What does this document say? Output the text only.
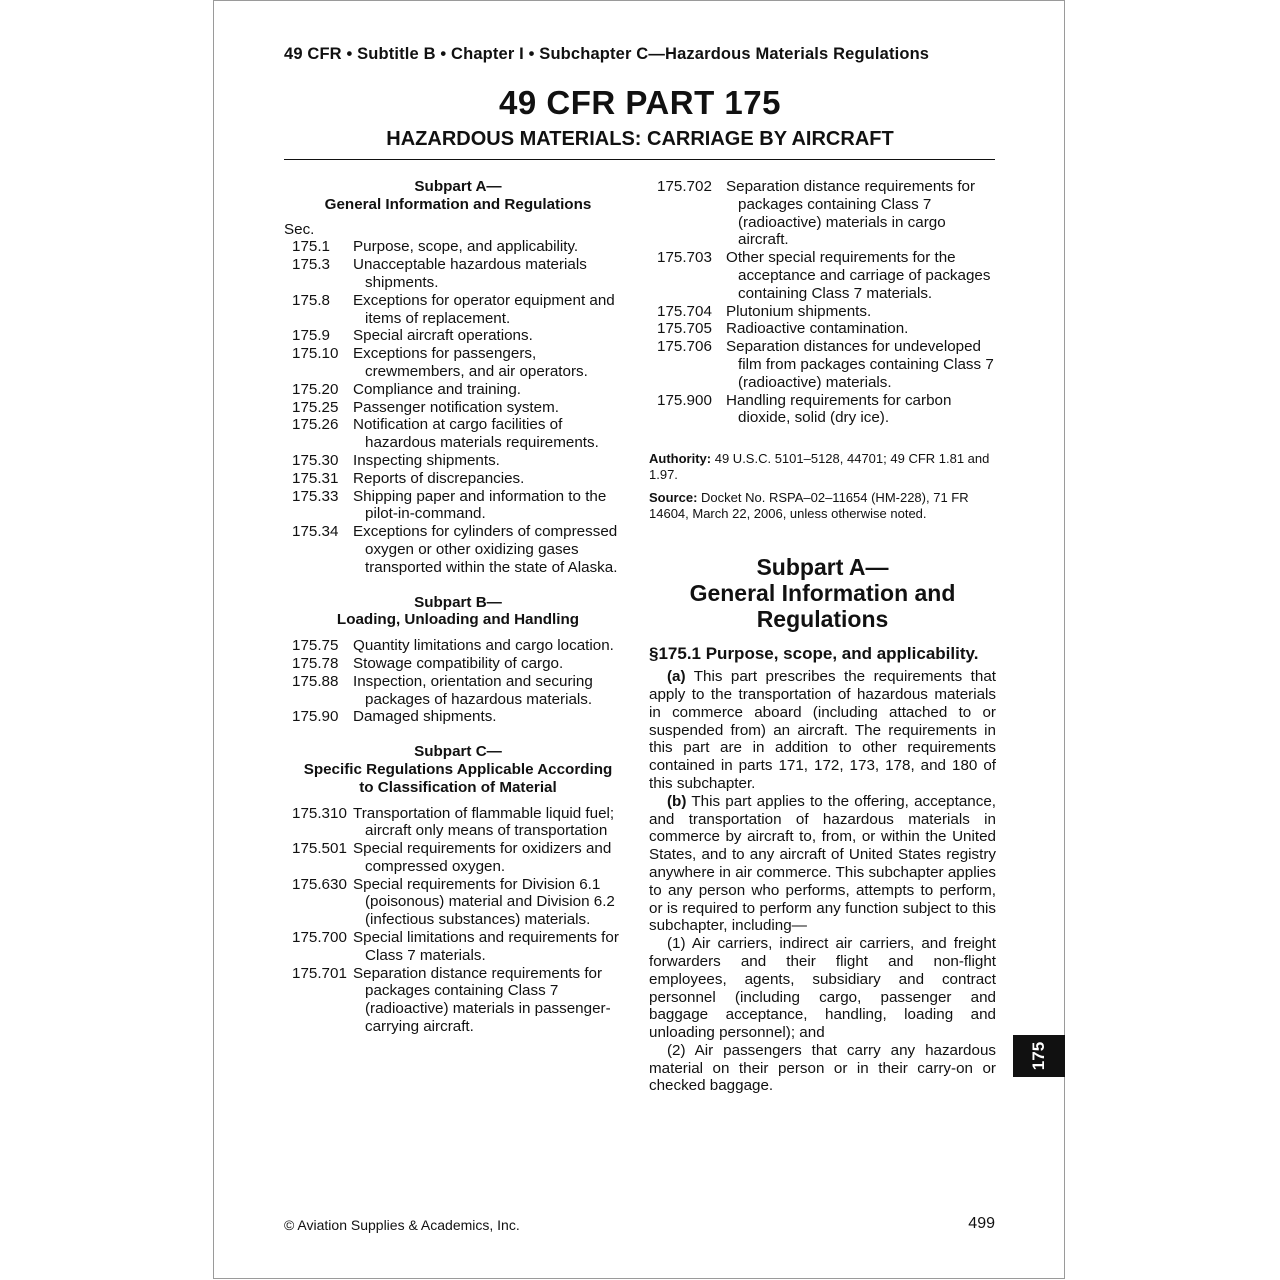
49 CFR • Subtitle B • Chapter I • Subchapter C—Hazardous Materials Regulations
49 CFR PART 175
HAZARDOUS MATERIALS: CARRIAGE BY AIRCRAFT

Subpart A—
General Information and Regulations

Sec.

175.1	Purpose, scope, and applicability.
175.3	Unacceptable hazardous materials shipments.
175.8	Exceptions for operator equipment and items of replacement.
175.9	Special aircraft operations.
175.10 Exceptions for passengers, crewmembers, and air operators.
175.20 Compliance and training.
175.25 Passenger notification system.
175.26 Notification at cargo facilities of hazardous materials requirements.
175.30 Inspecting shipments.
175.31 Reports of discrepancies.
175.33 Shipping paper and information to the pilot-in-command.
175.34 Exceptions for cylinders of compressed oxygen or other oxidizing gases transported within the state of Alaska.

Subpart B—
Loading, Unloading and Handling

175.75 Quantity limitations and cargo location.
175.78 Stowage compatibility of cargo.
175.88 Inspection, orientation and securing packages of hazardous materials.
175.90 Damaged shipments.

Subpart C—
Specific Regulations Applicable According
to Classification of Material

175.310 Transportation of flammable liquid fuel; aircraft only means of transportation
175.501 Special requirements for oxidizers and compressed oxygen.
175.630 Special requirements for Division 6.1 (poisonous) material and Division 6.2 (infectious substances) materials.
175.700 Special limitations and requirements for Class 7 materials.
175.701 Separation distance requirements for packages containing Class 7 (radioactive) materials in passenger-carrying aircraft.
175.702 Separation distance requirements for packages containing Class 7 (radioactive) materials in cargo aircraft.
175.703 Other special requirements for the acceptance and carriage of packages containing Class 7 materials.
175.704 Plutonium shipments.
175.705 Radioactive contamination.
175.706 Separation distances for undeveloped film from packages containing Class 7 (radioactive) materials.
175.900 Handling requirements for carbon dioxide, solid (dry ice).

Authority: 49 U.S.C. 5101–5128, 44701; 49 CFR 1.81 and 1.97.

Source: Docket No. RSPA–02–11654 (HM-228), 71 FR 14604, March 22, 2006, unless otherwise noted.

Subpart A—
General Information and
Regulations

§175.1 Purpose, scope, and applicability.

(a) This part prescribes the requirements that apply to the transportation of hazardous materials in commerce aboard (including attached to or suspended from) an aircraft. The requirements in this part are in addition to other requirements contained in parts 171, 172, 173, 178, and 180 of this subchapter.

(b) This part applies to the offering, acceptance, and transportation of hazardous materials in commerce by aircraft to, from, or within the United States, and to any aircraft of United States registry anywhere in air commerce. This subchapter applies to any person who performs, attempts to perform, or is required to perform any function subject to this subchapter, including—

(1) Air carriers, indirect air carriers, and freight forwarders and their flight and non-flight employees, agents, subsidiary and contract personnel (including cargo, passenger and baggage acceptance, handling, loading and unloading personnel); and

(2) Air passengers that carry any hazardous material on their person or in their carry-on or checked baggage.

© Aviation Supplies & Academics, Inc.	499
175
